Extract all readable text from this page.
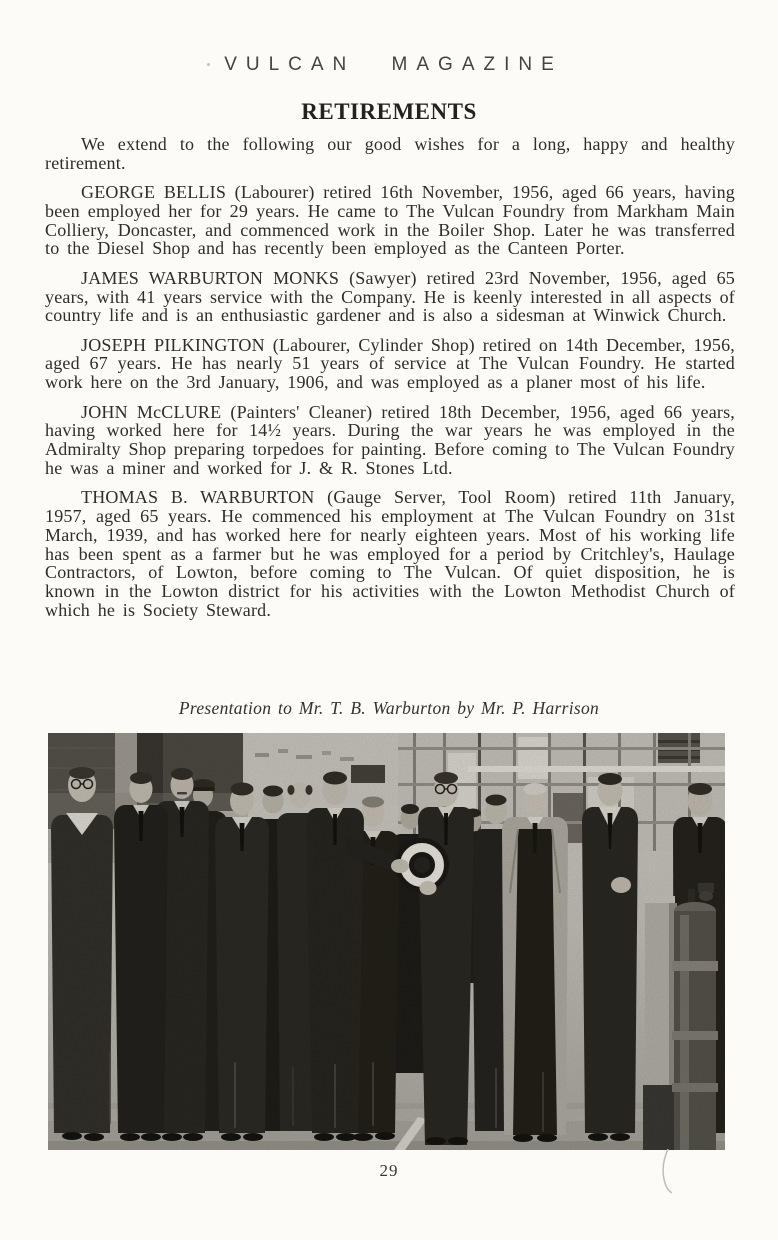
VULCAN MAGAZINE
RETIREMENTS

We extend to the following our good wishes for a long, happy and healthy retirement.

GEORGE BELLIS (Labourer) retired 16th November, 1956, aged 66 years, having been employed her for 29 years. He came to The Vulcan Foundry from Markham Main Colliery, Doncaster, and commenced work in the Boiler Shop. Later he was transferred to the Diesel Shop and has recently been employed as the Canteen Porter.

JAMES WARBURTON MONKS (Sawyer) retired 23rd November, 1956, aged 65 years, with 41 years service with the Company. He is keenly interested in all aspects of country life and is an enthusiastic gardener and is also a sidesman at Winwick Church.

JOSEPH PILKINGTON (Labourer, Cylinder Shop) retired on 14th December, 1956, aged 67 years. He has nearly 51 years of service at The Vulcan Foundry. He started work here on the 3rd January, 1906, and was employed as a planer most of his life.

JOHN McCLURE (Painters' Cleaner) retired 18th December, 1956, aged 66 years, having worked here for 14½ years. During the war years he was employed in the Admiralty Shop preparing torpedoes for painting. Before coming to The Vulcan Foundry he was a miner and worked for J. & R. Stones Ltd.

THOMAS B. WARBURTON (Gauge Server, Tool Room) retired 11th January, 1957, aged 65 years. He commenced his employment at The Vulcan Foundry on 31st March, 1939, and has worked here for nearly eighteen years. Most of his working life has been spent as a farmer but he was employed for a period by Critchley's, Haulage Contractors, of Lowton, before coming to The Vulcan. Of quiet disposition, he is known in the Lowton district for his activities with the Lowton Methodist Church of which he is Society Steward.

Presentation to Mr. T. B. Warburton by Mr. P. Harrison
29
